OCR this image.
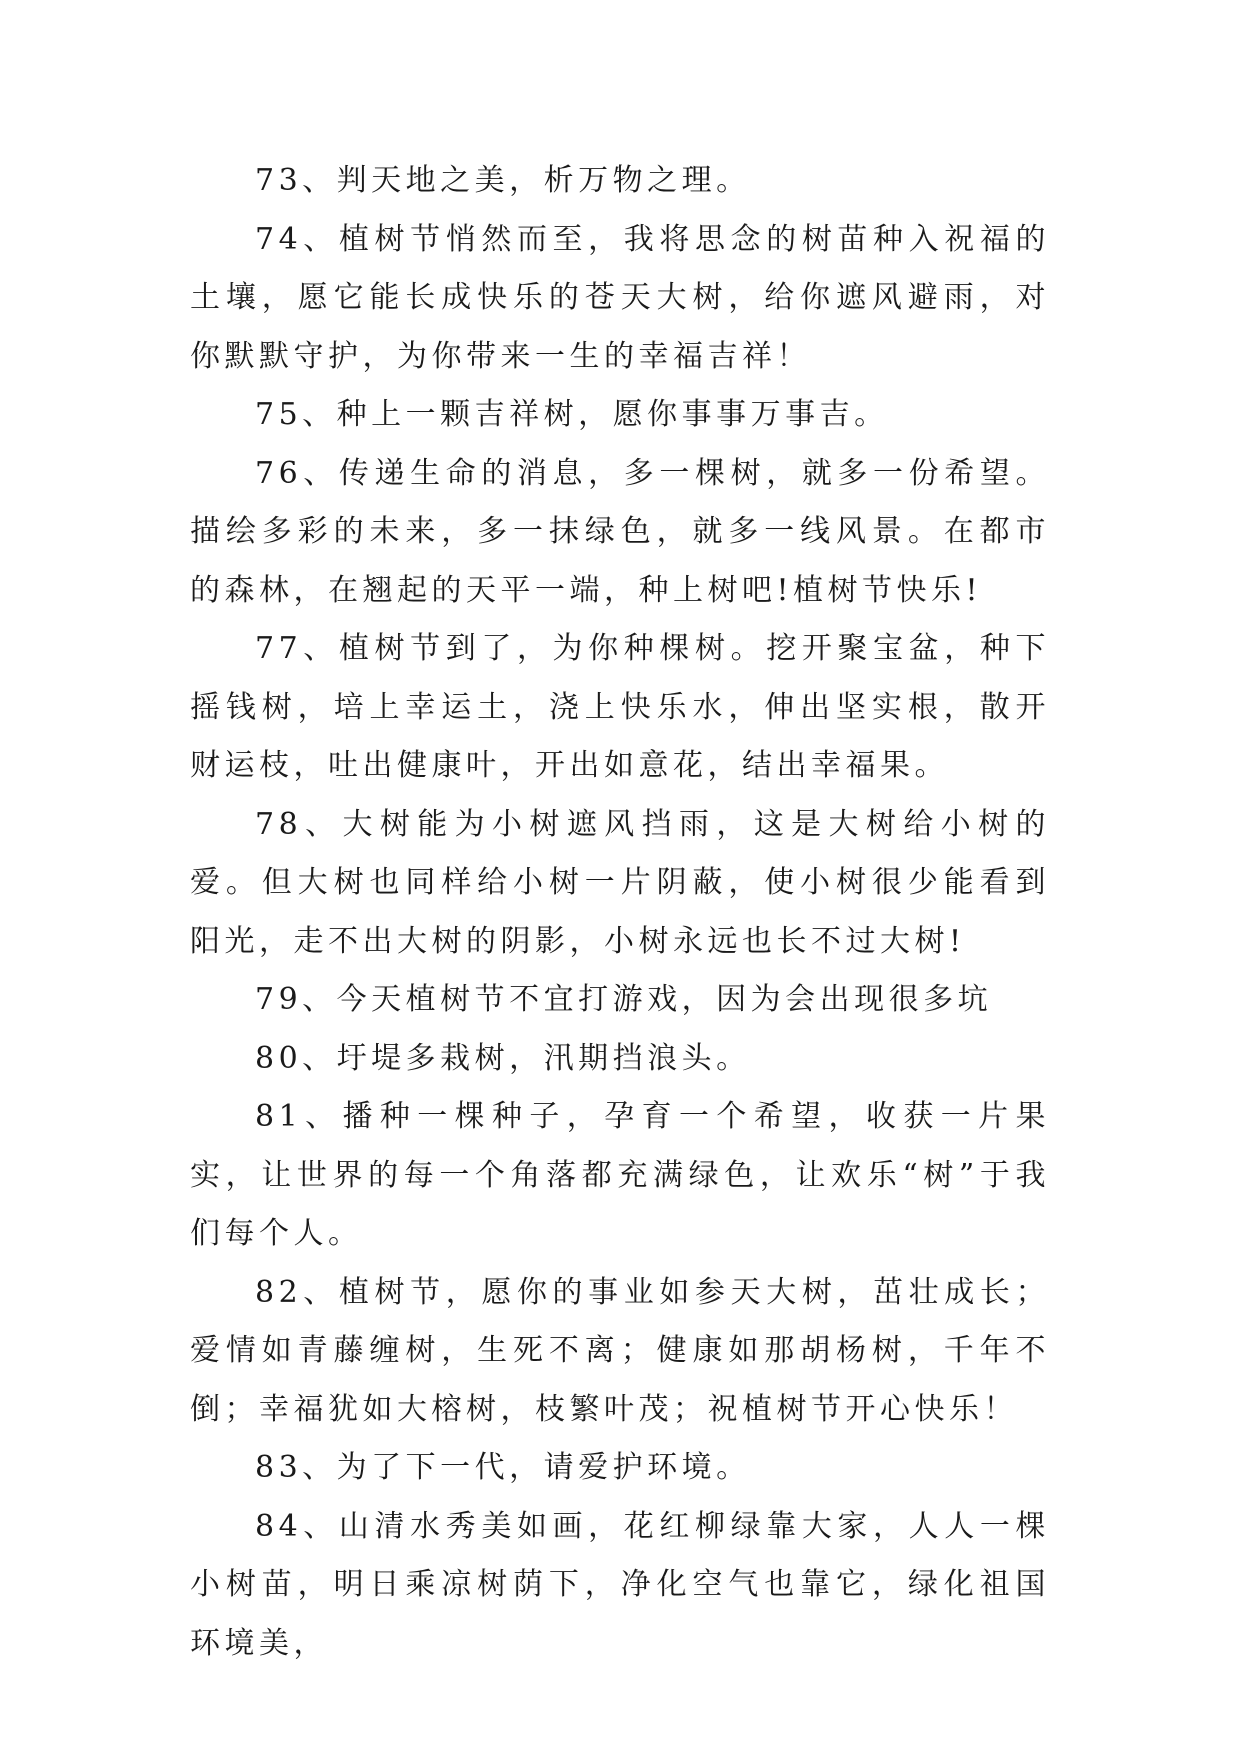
73、判天地之美，析万物之理。

74、植树节悄然而至，我将思念的树苗种入祝福的土壤，愿它能长成快乐的苍天大树，给你遮风避雨，对你默默守护，为你带来一生的幸福吉祥！

75、种上一颗吉祥树，愿你事事万事吉。

76、传递生命的消息，多一棵树，就多一份希望。描绘多彩的未来，多一抹绿色，就多一线风景。在都市的森林，在翘起的天平一端，种上树吧!植树节快乐!

77、植树节到了，为你种棵树。挖开聚宝盆，种下摇钱树，培上幸运土，浇上快乐水，伸出坚实根，散开财运枝，吐出健康叶，开出如意花，结出幸福果。

78、大树能为小树遮风挡雨，这是大树给小树的爱。但大树也同样给小树一片阴蔽，使小树很少能看到阳光，走不出大树的阴影，小树永远也长不过大树!

79、今天植树节不宜打游戏，因为会出现很多坑

80、圩堤多栽树，汛期挡浪头。

81、播种一棵种子，孕育一个希望，收获一片果实，让世界的每一个角落都充满绿色，让欢乐“树”于我们每个人。

82、植树节，愿你的事业如参天大树，茁壮成长；爱情如青藤缠树，生死不离；健康如那胡杨树，千年不倒；幸福犹如大榕树，枝繁叶茂；祝植树节开心快乐！

83、为了下一代，请爱护环境。

84、山清水秀美如画，花红柳绿靠大家，人人一棵小树苗，明日乘凉树荫下，净化空气也靠它，绿化祖国环境美，
